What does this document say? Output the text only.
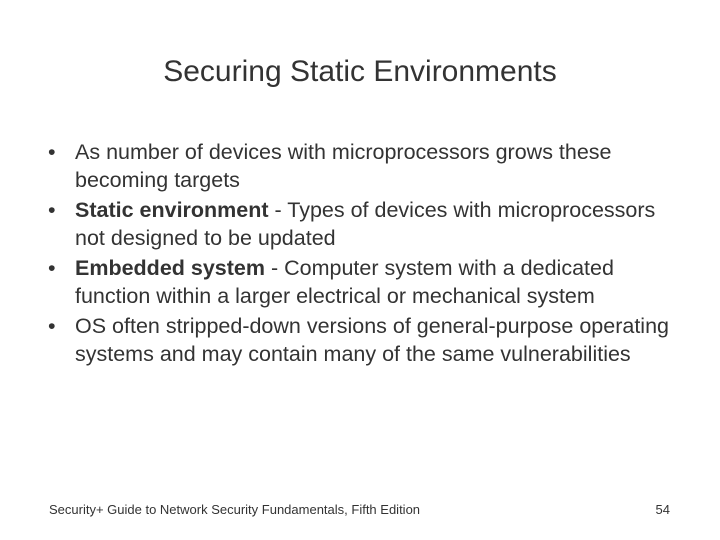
Securing Static Environments
• As number of devices with microprocessors grows these becoming targets
• Static environment - Types of devices with microprocessors not designed to be updated
• Embedded system - Computer system with a dedicated function within a larger electrical or mechanical system
• OS often stripped-down versions of general-purpose operating systems and may contain many of the same vulnerabilities
Security+ Guide to Network Security Fundamentals, Fifth Edition	54
